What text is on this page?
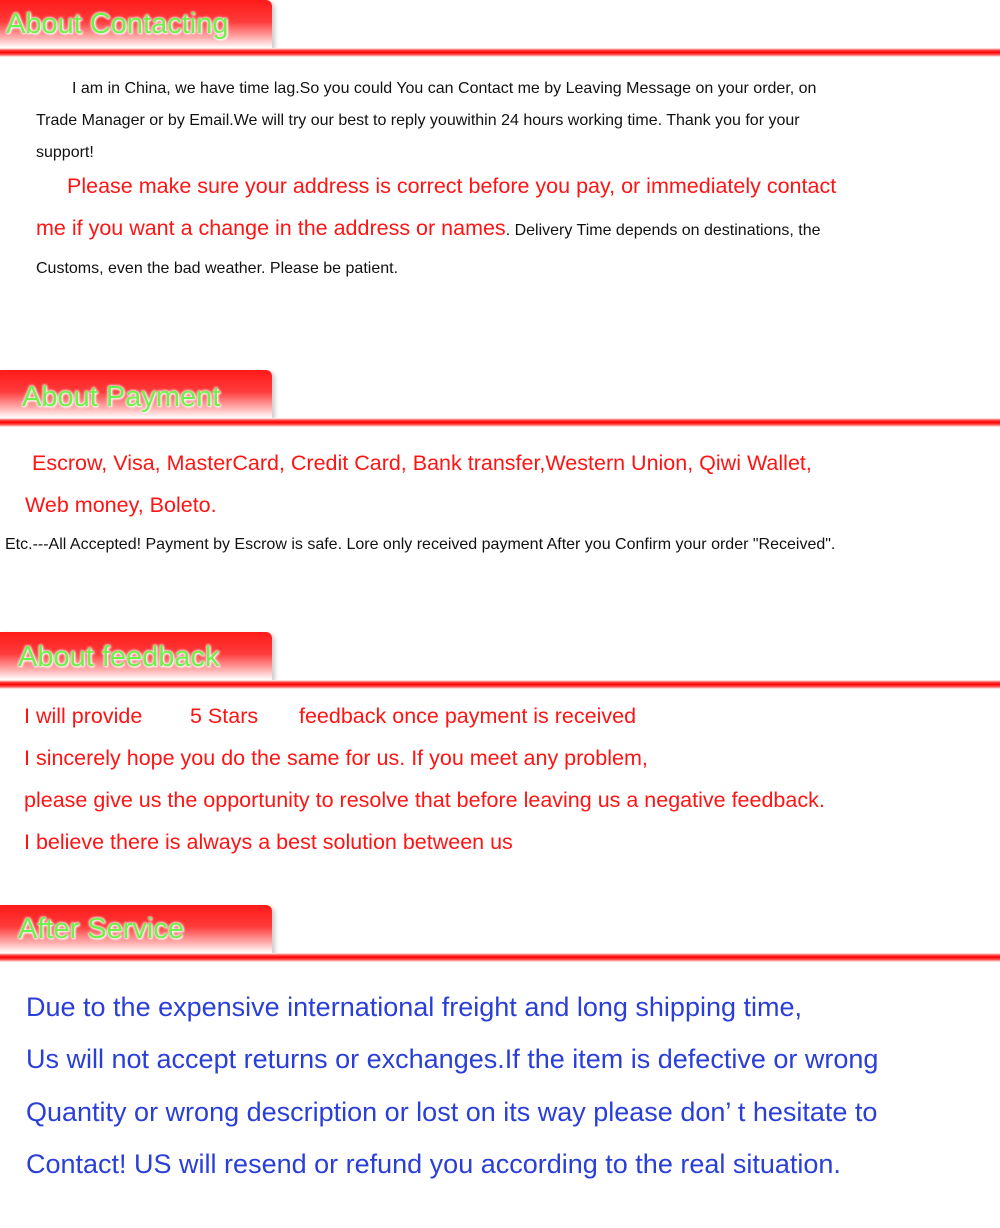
About Contacting
I am in China, we have time lag.So you could You can Contact me by Leaving Message on your order, on
Trade Manager or by Email.We will try our best to reply youwithin 24 hours working time. Thank you for your
support!
Please make sure your address is correct before you pay, or immediately contact
me if you want a change in the address or names. Delivery Time depends on destinations, the
Customs, even the bad weather. Please be patient.
About Payment
Escrow, Visa, MasterCard, Credit Card, Bank transfer,Western Union, Qiwi Wallet,
Web money, Boleto.
Etc.---All Accepted! Payment by Escrow is safe. Lore only received payment After you Confirm your order "Received".
About feedback
I will provide 5 Stars feedback once payment is received
I sincerely hope you do the same for us. If you meet any problem,
please give us the opportunity to resolve that before leaving us a negative feedback.
I believe there is always a best solution between us
After Service
Due to the expensive international freight and long shipping time,
Us will not accept returns or exchanges.If the item is defective or wrong
Quantity or wrong description or lost on its way please don’ t hesitate to
Contact! US will resend or refund you according to the real situation.
